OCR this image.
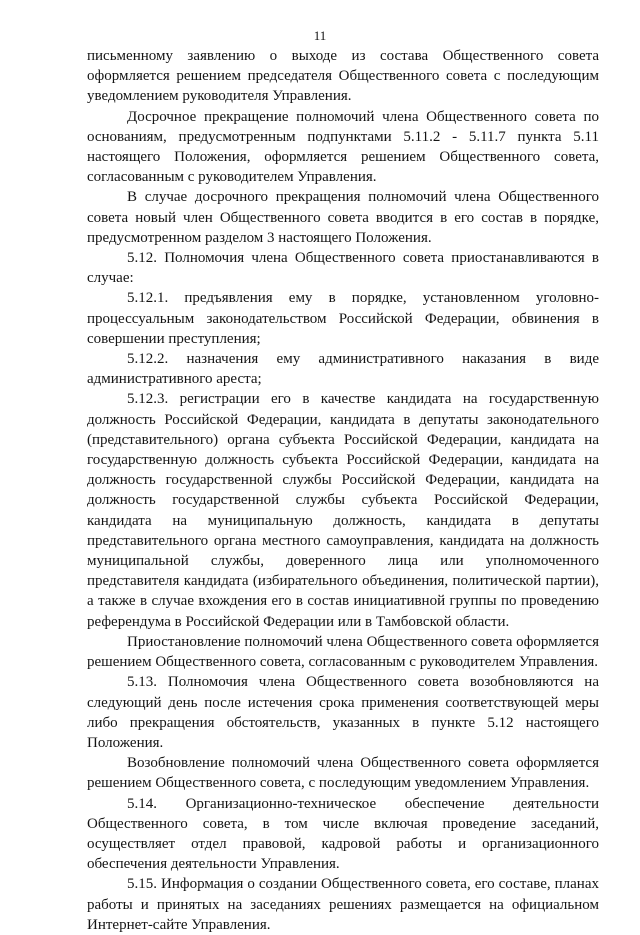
11

письменному заявлению о выходе из состава Общественного совета оформляется решением председателя Общественного совета с последующим уведомлением руководителя Управления.

Досрочное прекращение полномочий члена Общественного совета по основаниям, предусмотренным подпунктами 5.11.2 - 5.11.7 пункта 5.11 настоящего Положения, оформляется решением Общественного совета, согласованным с руководителем Управления.

В случае досрочного прекращения полномочий члена Общественного совета новый член Общественного совета вводится в его состав в порядке, предусмотренном разделом 3 настоящего Положения.

5.12. Полномочия члена Общественного совета приостанавливаются в случае:

5.12.1. предъявления ему в порядке, установленном уголовно-процессуальным законодательством Российской Федерации, обвинения в совершении преступления;

5.12.2. назначения ему административного наказания в виде административного ареста;

5.12.3. регистрации его в качестве кандидата на государственную должность Российской Федерации, кандидата в депутаты законодательного (представительного) органа субъекта Российской Федерации, кандидата на государственную должность субъекта Российской Федерации, кандидата на должность государственной службы Российской Федерации, кандидата на должность государственной службы субъекта Российской Федерации, кандидата на муниципальную должность, кандидата в депутаты представительного органа местного самоуправления, кандидата на должность муниципальной службы, доверенного лица или уполномоченного представителя кандидата (избирательного объединения, политической партии), а также в случае вхождения его в состав инициативной группы по проведению референдума в Российской Федерации или в Тамбовской области.

Приостановление полномочий члена Общественного совета оформляется решением Общественного совета, согласованным с руководителем Управления.

5.13. Полномочия члена Общественного совета возобновляются на следующий день после истечения срока применения соответствующей меры либо прекращения обстоятельств, указанных в пункте 5.12 настоящего Положения.

Возобновление полномочий члена Общественного совета оформляется решением Общественного совета, с последующим уведомлением Управления.

5.14. Организационно-техническое обеспечение деятельности Общественного совета, в том числе включая проведение заседаний, осуществляет отдел правовой, кадровой работы и организационного обеспечения деятельности Управления.

5.15. Информация о создании Общественного совета, его составе, планах работы и принятых на заседаниях решениях размещается на официальном Интернет-сайте Управления.
